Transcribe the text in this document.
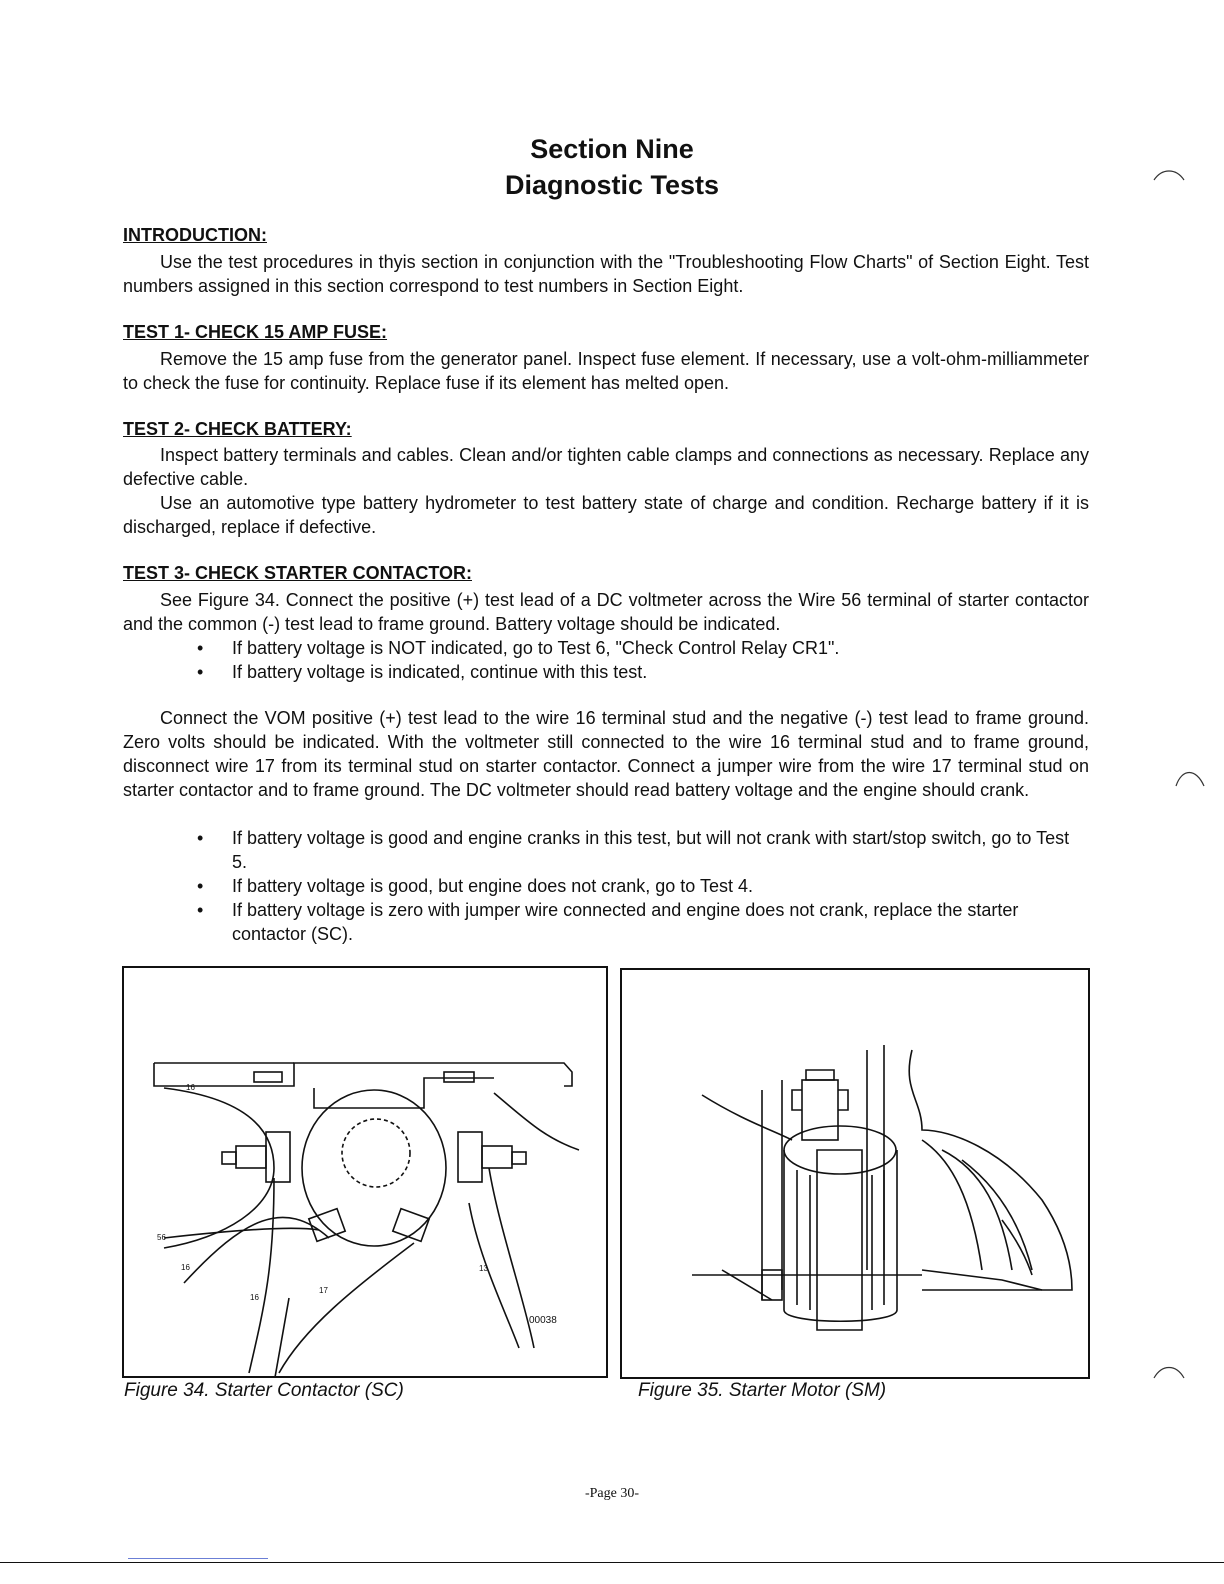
Section Nine
Diagnostic Tests
INTRODUCTION:

Use the test procedures in thyis section in conjunction with the "Troubleshooting Flow Charts" of Section Eight. Test numbers assigned in this section correspond to test numbers in Section Eight.

TEST 1- CHECK 15 AMP FUSE:

Remove the 15 amp fuse from the generator panel. Inspect fuse element. If necessary, use a volt-ohm-milliammeter to check the fuse for continuity. Replace fuse if its element has melted open.

TEST 2- CHECK BATTERY:

Inspect battery terminals and cables. Clean and/or tighten cable clamps and connections as necessary. Replace any defective cable.

Use an automotive type battery hydrometer to test battery state of charge and condition. Recharge battery if it is discharged, replace if defective.

TEST 3- CHECK STARTER CONTACTOR:

See Figure 34. Connect the positive (+) test lead of a DC voltmeter across the Wire 56 terminal of starter contactor and the common (-) test lead to frame ground. Battery voltage should be indicated.

• If battery voltage is NOT indicated, go to Test 6, "Check Control Relay CR1".
• If battery voltage is indicated, continue with this test.

Connect the VOM positive (+) test lead to the wire 16 terminal stud and the negative (-) test lead to frame ground. Zero volts should be indicated. With the voltmeter still connected to the wire 16 terminal stud and to frame ground, disconnect wire 17 from its terminal stud on starter contactor. Connect a jumper wire from the wire 17 terminal stud on starter contactor and to frame ground. The DC voltmeter should read battery voltage and the engine should crank.

• If battery voltage is good and engine cranks in this test, but will not crank with start/stop switch, go to Test 5.
• If battery voltage is good, but engine does not crank, go to Test 4.
• If battery voltage is zero with jumper wire connected and engine does not crank, replace the starter contactor (SC).
16
56
16
16
17
13
00038
Figure 34. Starter Contactor (SC)	Figure 35. Starter Motor (SM)
-Page 30-
